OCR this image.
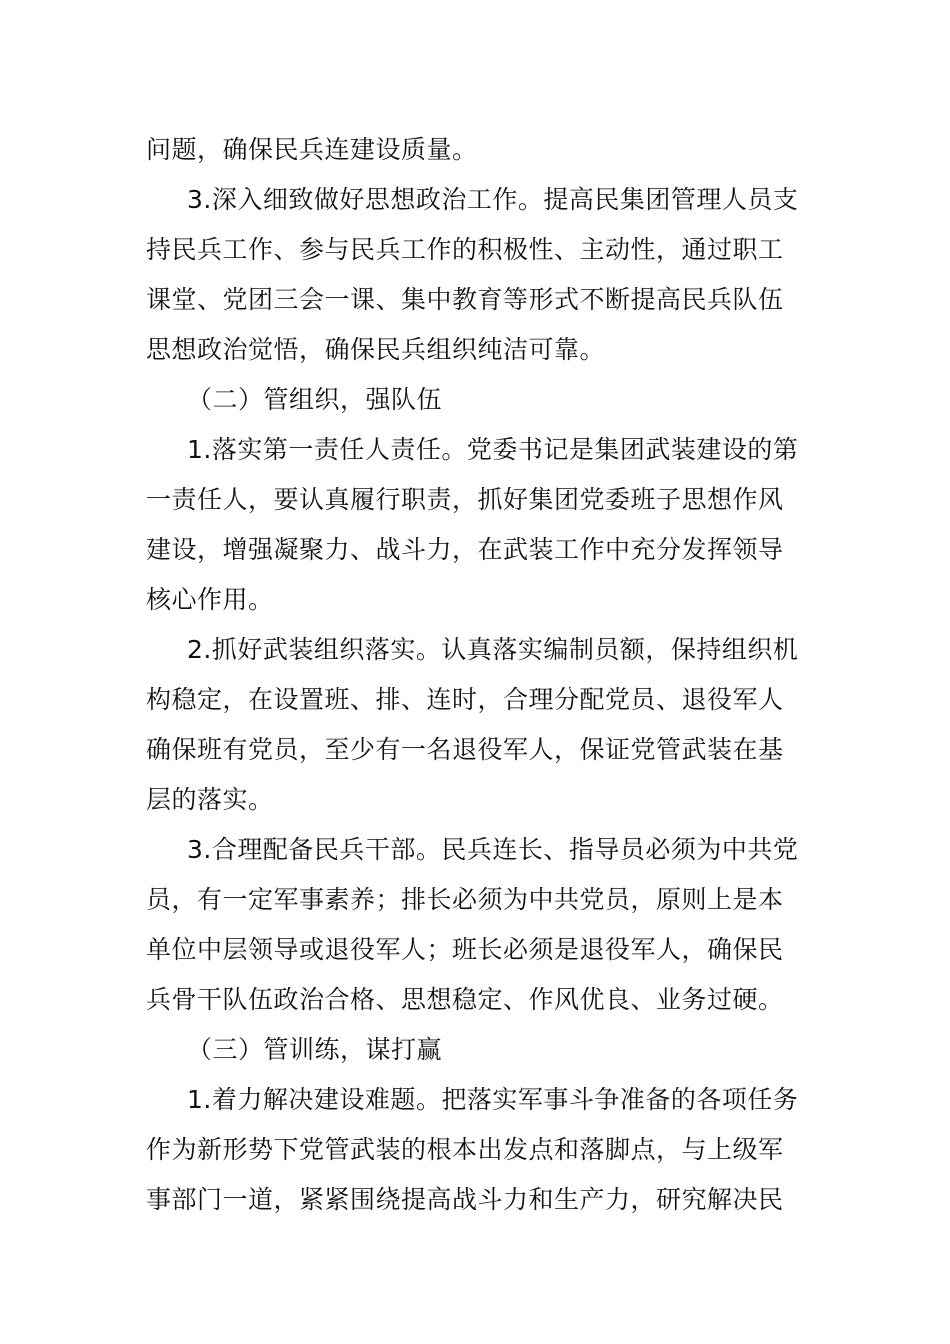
问题，确保民兵连建设质量。
3.深入细致做好思想政治工作。提高民集团管理人员支
持民兵工作、参与民兵工作的积极性、主动性，通过职工
课堂、党团三会一课、集中教育等形式不断提高民兵队伍
思想政治觉悟，确保民兵组织纯洁可靠。
（二）管组织，强队伍
1.落实第一责任人责任。党委书记是集团武装建设的第
一责任人，要认真履行职责，抓好集团党委班子思想作风
建设，增强凝聚力、战斗力，在武装工作中充分发挥领导
核心作用。
2.抓好武装组织落实。认真落实编制员额，保持组织机
构稳定，在设置班、排、连时，合理分配党员、退役军人
确保班有党员，至少有一名退役军人，保证党管武装在基
层的落实。
3.合理配备民兵干部。民兵连长、指导员必须为中共党
员，有一定军事素养；排长必须为中共党员，原则上是本
单位中层领导或退役军人；班长必须是退役军人，确保民
兵骨干队伍政治合格、思想稳定、作风优良、业务过硬。
（三）管训练，谋打赢
1.着力解决建设难题。把落实军事斗争准备的各项任务
作为新形势下党管武装的根本出发点和落脚点，与上级军
事部门一道，紧紧围绕提高战斗力和生产力，研究解决民
